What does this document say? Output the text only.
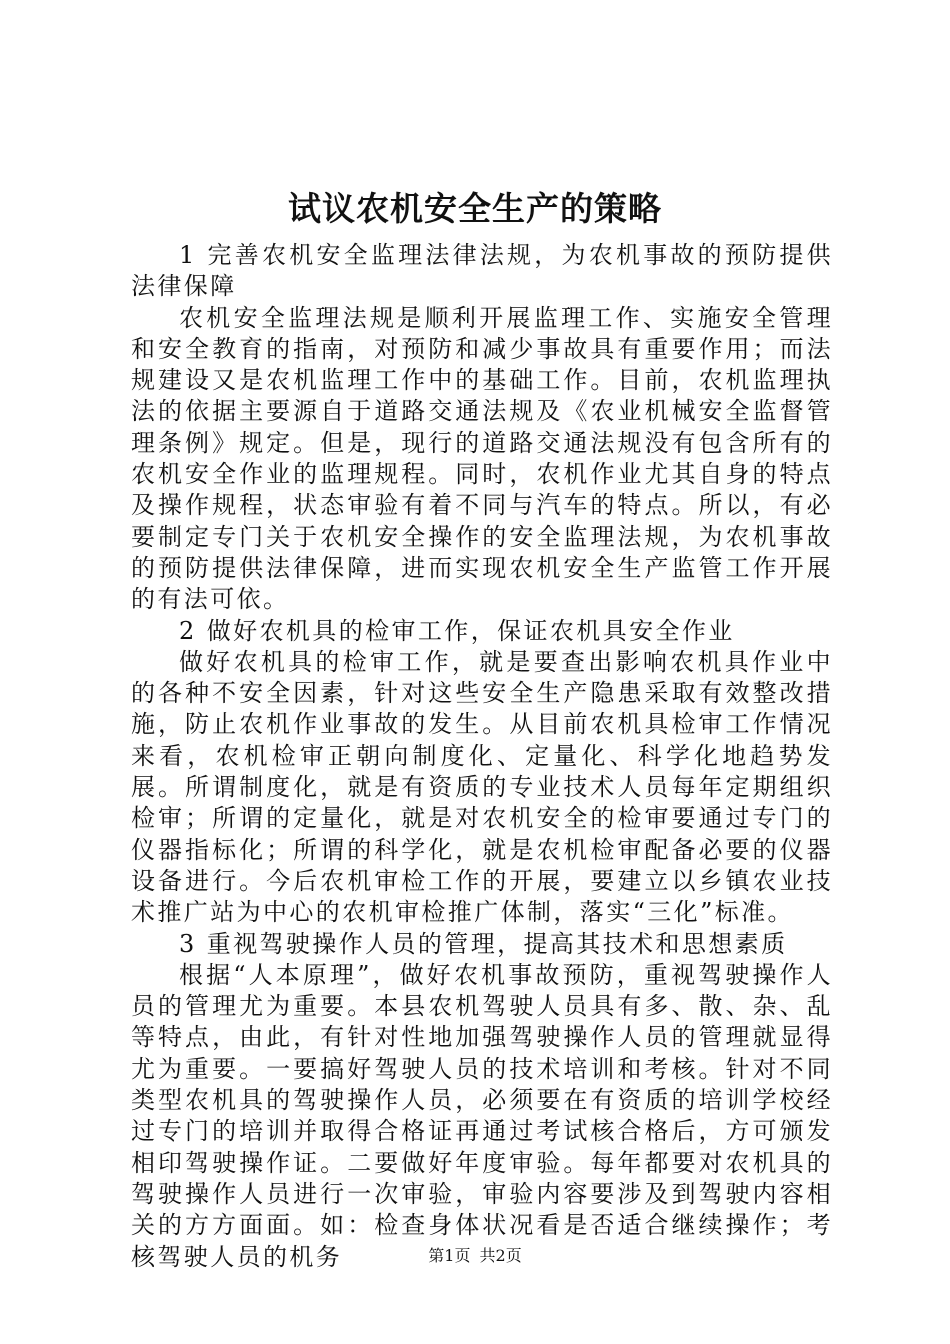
试议农机安全生产的策略

1 完善农机安全监理法律法规，为农机事故的预防提供法律保障

农机安全监理法规是顺利开展监理工作、实施安全管理和安全教育的指南，对预防和减少事故具有重要作用；而法规建设又是农机监理工作中的基础工作。目前，农机监理执法的依据主要源自于道路交通法规及《农业机械安全监督管理条例》规定。但是，现行的道路交通法规没有包含所有的农机安全作业的监理规程。同时，农机作业尤其自身的特点及操作规程，状态审验有着不同与汽车的特点。所以，有必要制定专门关于农机安全操作的安全监理法规，为农机事故的预防提供法律保障，进而实现农机安全生产监管工作开展的有法可依。

2 做好农机具的检审工作，保证农机具安全作业

做好农机具的检审工作，就是要查出影响农机具作业中的各种不安全因素，针对这些安全生产隐患采取有效整改措施，防止农机作业事故的发生。从目前农机具检审工作情况来看，农机检审正朝向制度化、定量化、科学化地趋势发展。所谓制度化，就是有资质的专业技术人员每年定期组织检审；所谓的定量化，就是对农机安全的检审要通过专门的仪器指标化；所谓的科学化，就是农机检审配备必要的仪器设备进行。今后农机审检工作的开展，要建立以乡镇农业技术推广站为中心的农机审检推广体制，落实“三化”标准。

3 重视驾驶操作人员的管理，提高其技术和思想素质

根据“人本原理”，做好农机事故预防，重视驾驶操作人员的管理尤为重要。本县农机驾驶人员具有多、散、杂、乱等特点，由此，有针对性地加强驾驶操作人员的管理就显得尤为重要。一要搞好驾驶人员的技术培训和考核。针对不同类型农机具的驾驶操作人员，必须要在有资质的培训学校经过专门的培训并取得合格证再通过考试核合格后，方可颁发相印驾驶操作证。二要做好年度审验。每年都要对农机具的驾驶操作人员进行一次审验，审验内容要涉及到驾驶内容相关的方方面面。如：检查身体状况看是否适合继续操作；考核驾驶人员的机务	第1页 共2页
